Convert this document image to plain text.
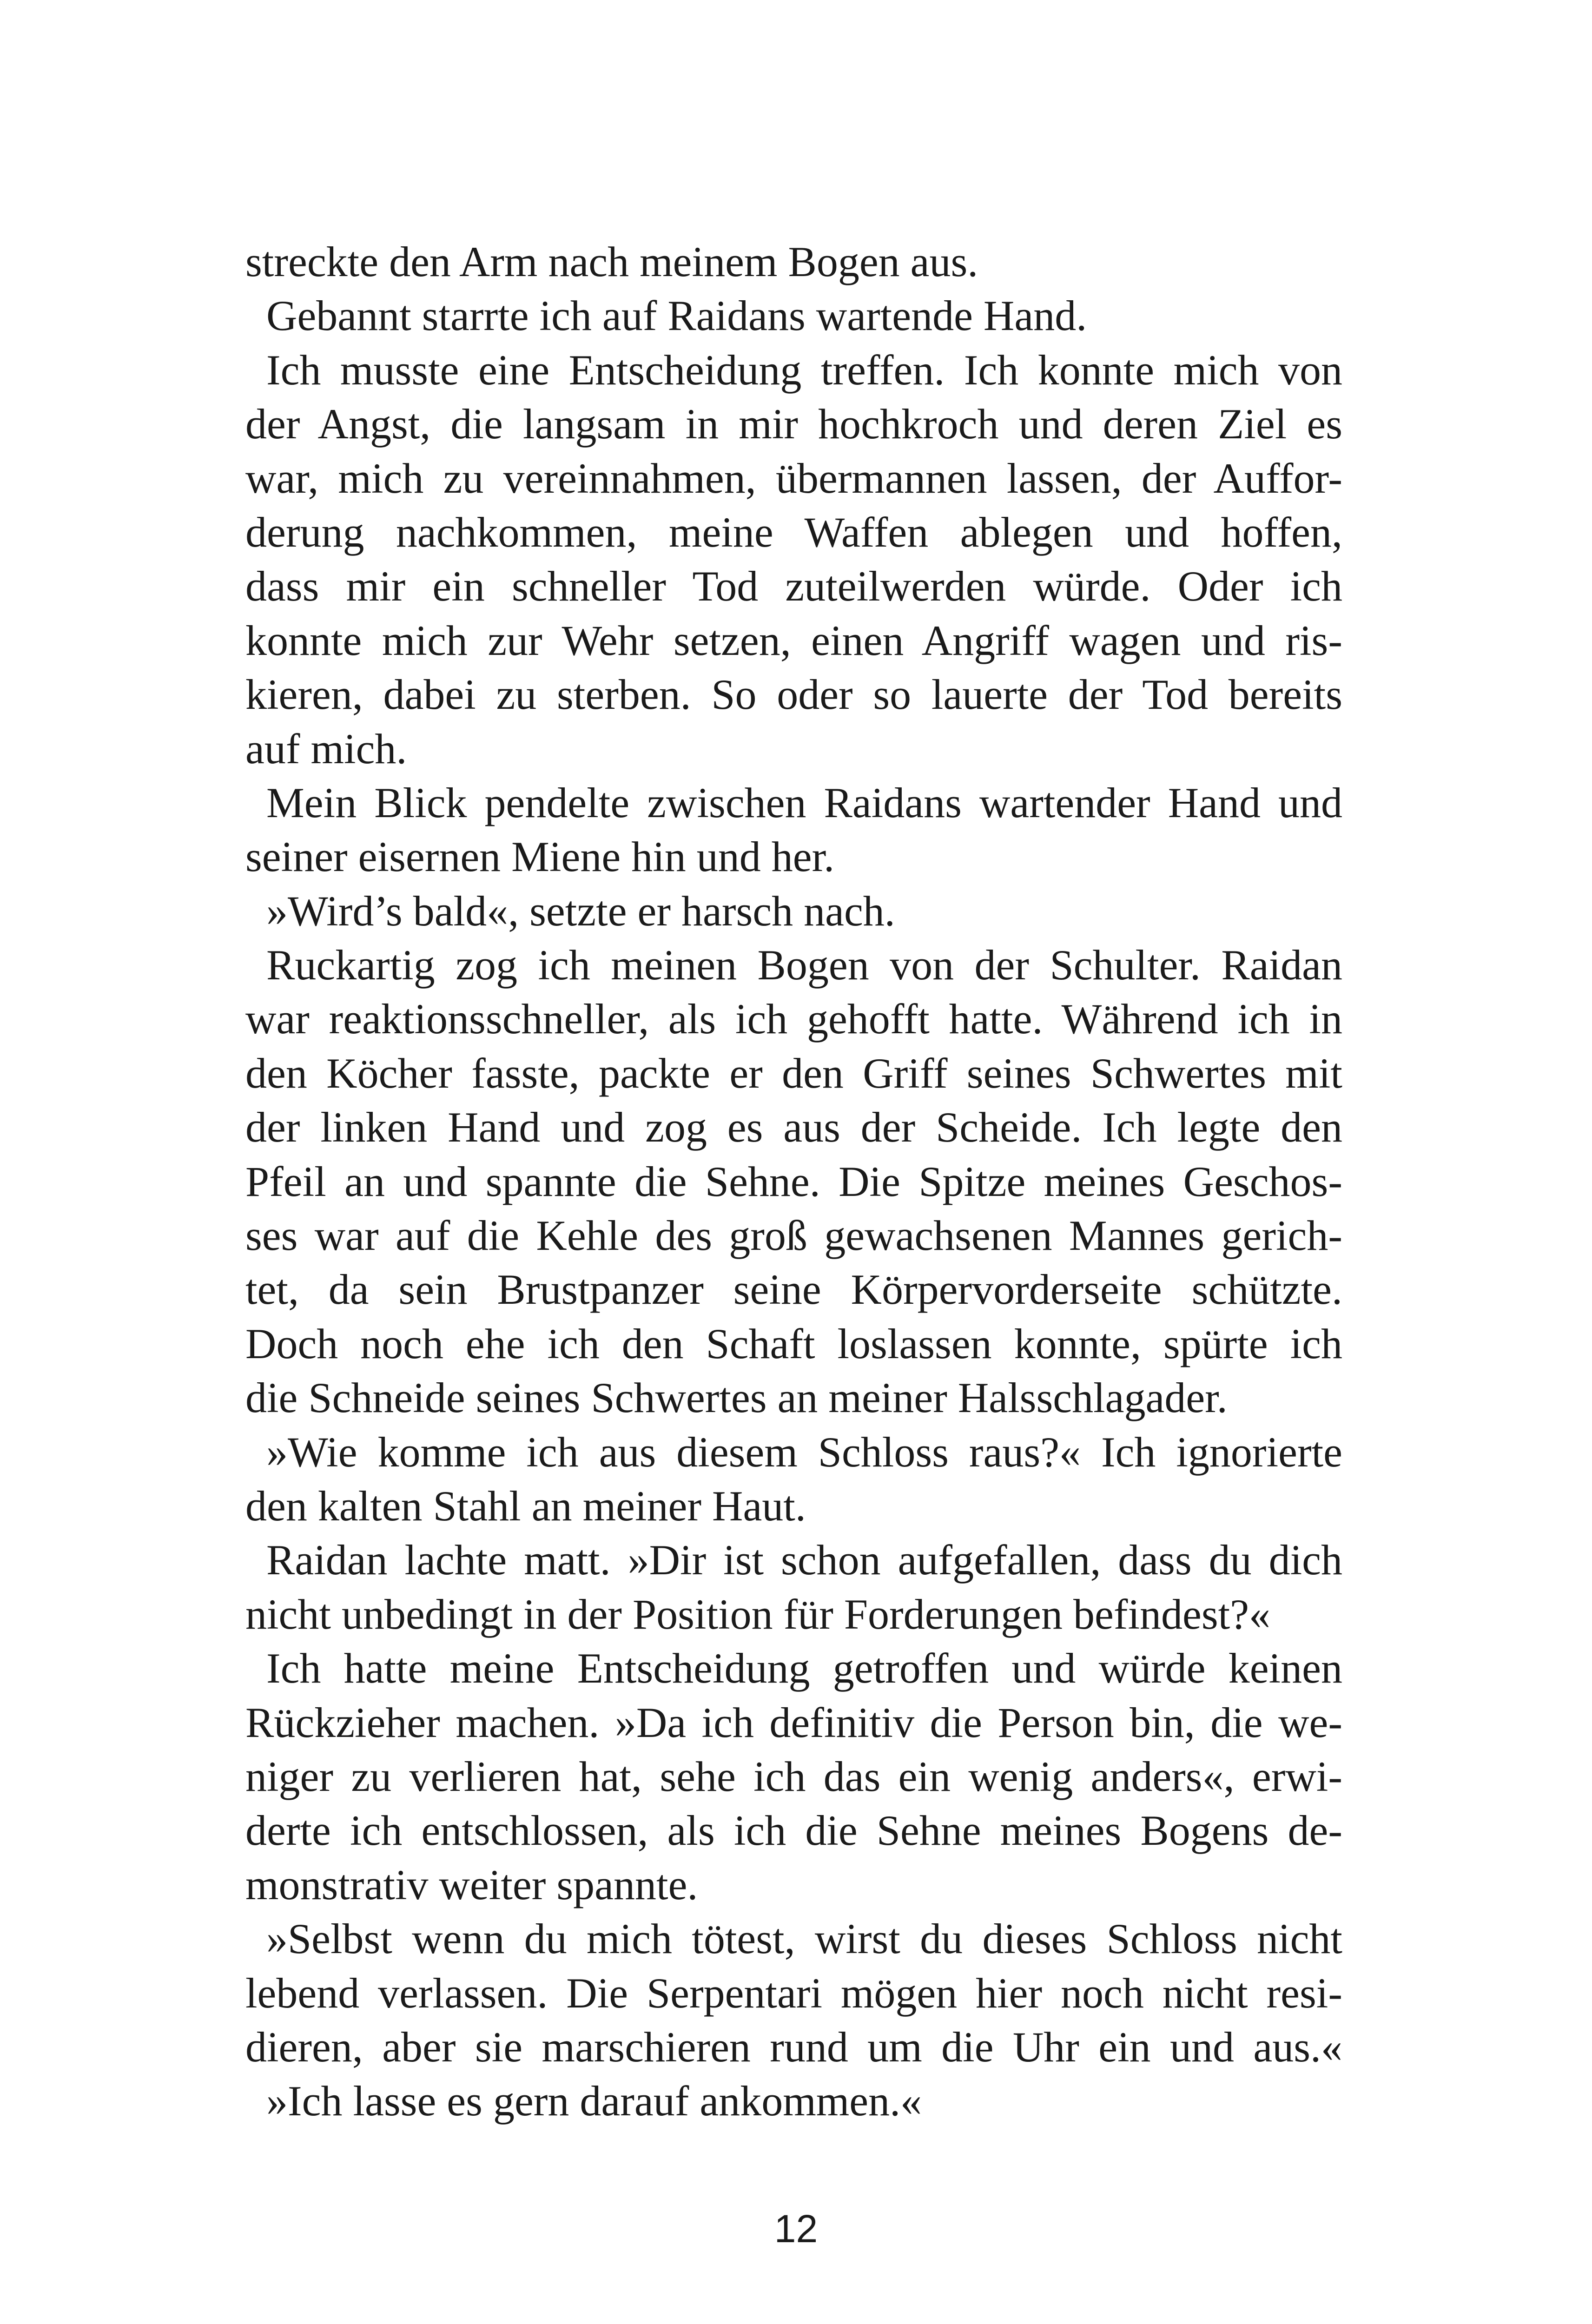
streckte den Arm nach meinem Bogen aus.
Gebannt starrte ich auf Raidans wartende Hand.
Ich musste eine Entscheidung treffen. Ich konnte mich von
der Angst, die langsam in mir hochkroch und deren Ziel es
war, mich zu vereinnahmen, übermannen lassen, der Auffor-
derung nachkommen, meine Waffen ablegen und hoffen,
dass mir ein schneller Tod zuteilwerden würde. Oder ich
konnte mich zur Wehr setzen, einen Angriff wagen und ris-
kieren, dabei zu sterben. So oder so lauerte der Tod bereits
auf mich.
Mein Blick pendelte zwischen Raidans wartender Hand und
seiner eisernen Miene hin und her.
»Wird’s bald«, setzte er harsch nach.
Ruckartig zog ich meinen Bogen von der Schulter. Raidan
war reaktionsschneller, als ich gehofft hatte. Während ich in
den Köcher fasste, packte er den Griff seines Schwertes mit
der linken Hand und zog es aus der Scheide. Ich legte den
Pfeil an und spannte die Sehne. Die Spitze meines Geschos-
ses war auf die Kehle des groß gewachsenen Mannes gerich-
tet, da sein Brustpanzer seine Körpervorderseite schützte.
Doch noch ehe ich den Schaft loslassen konnte, spürte ich
die Schneide seines Schwertes an meiner Halsschlagader.
»Wie komme ich aus diesem Schloss raus?« Ich ignorierte
den kalten Stahl an meiner Haut.
Raidan lachte matt. »Dir ist schon aufgefallen, dass du dich
nicht unbedingt in der Position für Forderungen befindest?«
Ich hatte meine Entscheidung getroffen und würde keinen
Rückzieher machen. »Da ich definitiv die Person bin, die we-
niger zu verlieren hat, sehe ich das ein wenig anders«, erwi-
derte ich entschlossen, als ich die Sehne meines Bogens de-
monstrativ weiter spannte.
»Selbst wenn du mich tötest, wirst du dieses Schloss nicht
lebend verlassen. Die Serpentari mögen hier noch nicht resi-
dieren, aber sie marschieren rund um die Uhr ein und aus.«
»Ich lasse es gern darauf ankommen.«
12
